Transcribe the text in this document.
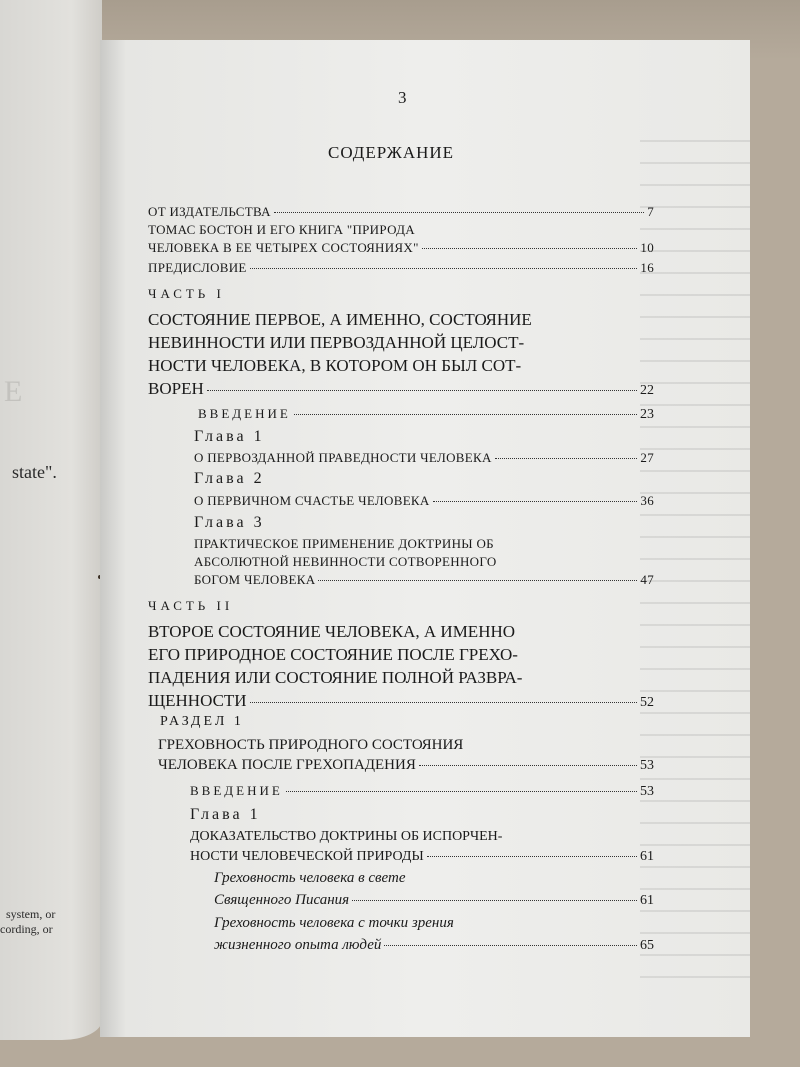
E
state".
system, or
cording, or
3
СОДЕРЖАНИЕ
ОТ ИЗДАТЕЛЬСТВА	7
ТОМАС БОСТОН И ЕГО КНИГА "ПРИРОДА
ЧЕЛОВЕКА В ЕЕ ЧЕТЫРЕХ СОСТОЯНИЯХ"	10
ПРЕДИСЛОВИЕ	16
ЧАСТЬ I
СОСТОЯНИЕ ПЕРВОЕ, А ИМЕННО, СОСТОЯНИЕ
НЕВИННОСТИ ИЛИ ПЕРВОЗДАННОЙ ЦЕЛОСТ-
НОСТИ ЧЕЛОВЕКА, В КОТОРОМ ОН БЫЛ СОТ-
ВОРЕН	22
ВВЕДЕНИЕ	23
Глава 1
О ПЕРВОЗДАННОЙ ПРАВЕДНОСТИ ЧЕЛОВЕКА	27
Глава 2
О ПЕРВИЧНОМ СЧАСТЬЕ ЧЕЛОВЕКА	36
Глава 3
ПРАКТИЧЕСКОЕ ПРИМЕНЕНИЕ ДОКТРИНЫ ОБ
АБСОЛЮТНОЙ НЕВИННОСТИ СОТВОРЕННОГО
БОГОМ ЧЕЛОВЕКА	47
ЧАСТЬ II
ВТОРОЕ СОСТОЯНИЕ ЧЕЛОВЕКА, А ИМЕННО
ЕГО ПРИРОДНОЕ СОСТОЯНИЕ ПОСЛЕ ГРЕХО-
ПАДЕНИЯ ИЛИ СОСТОЯНИЕ ПОЛНОЙ РАЗВРА-
ЩЕННОСТИ	52
РАЗДЕЛ 1
ГРЕХОВНОСТЬ ПРИРОДНОГО СОСТОЯНИЯ
ЧЕЛОВЕКА ПОСЛЕ ГРЕХОПАДЕНИЯ	53
ВВЕДЕНИЕ	53
Глава 1
ДОКАЗАТЕЛЬСТВО ДОКТРИНЫ ОБ ИСПОРЧЕН-
НОСТИ ЧЕЛОВЕЧЕСКОЙ ПРИРОДЫ	61
Греховность человека в свете
Священного Писания	61
Греховность человека с точки зрения
жизненного опыта людей	65
